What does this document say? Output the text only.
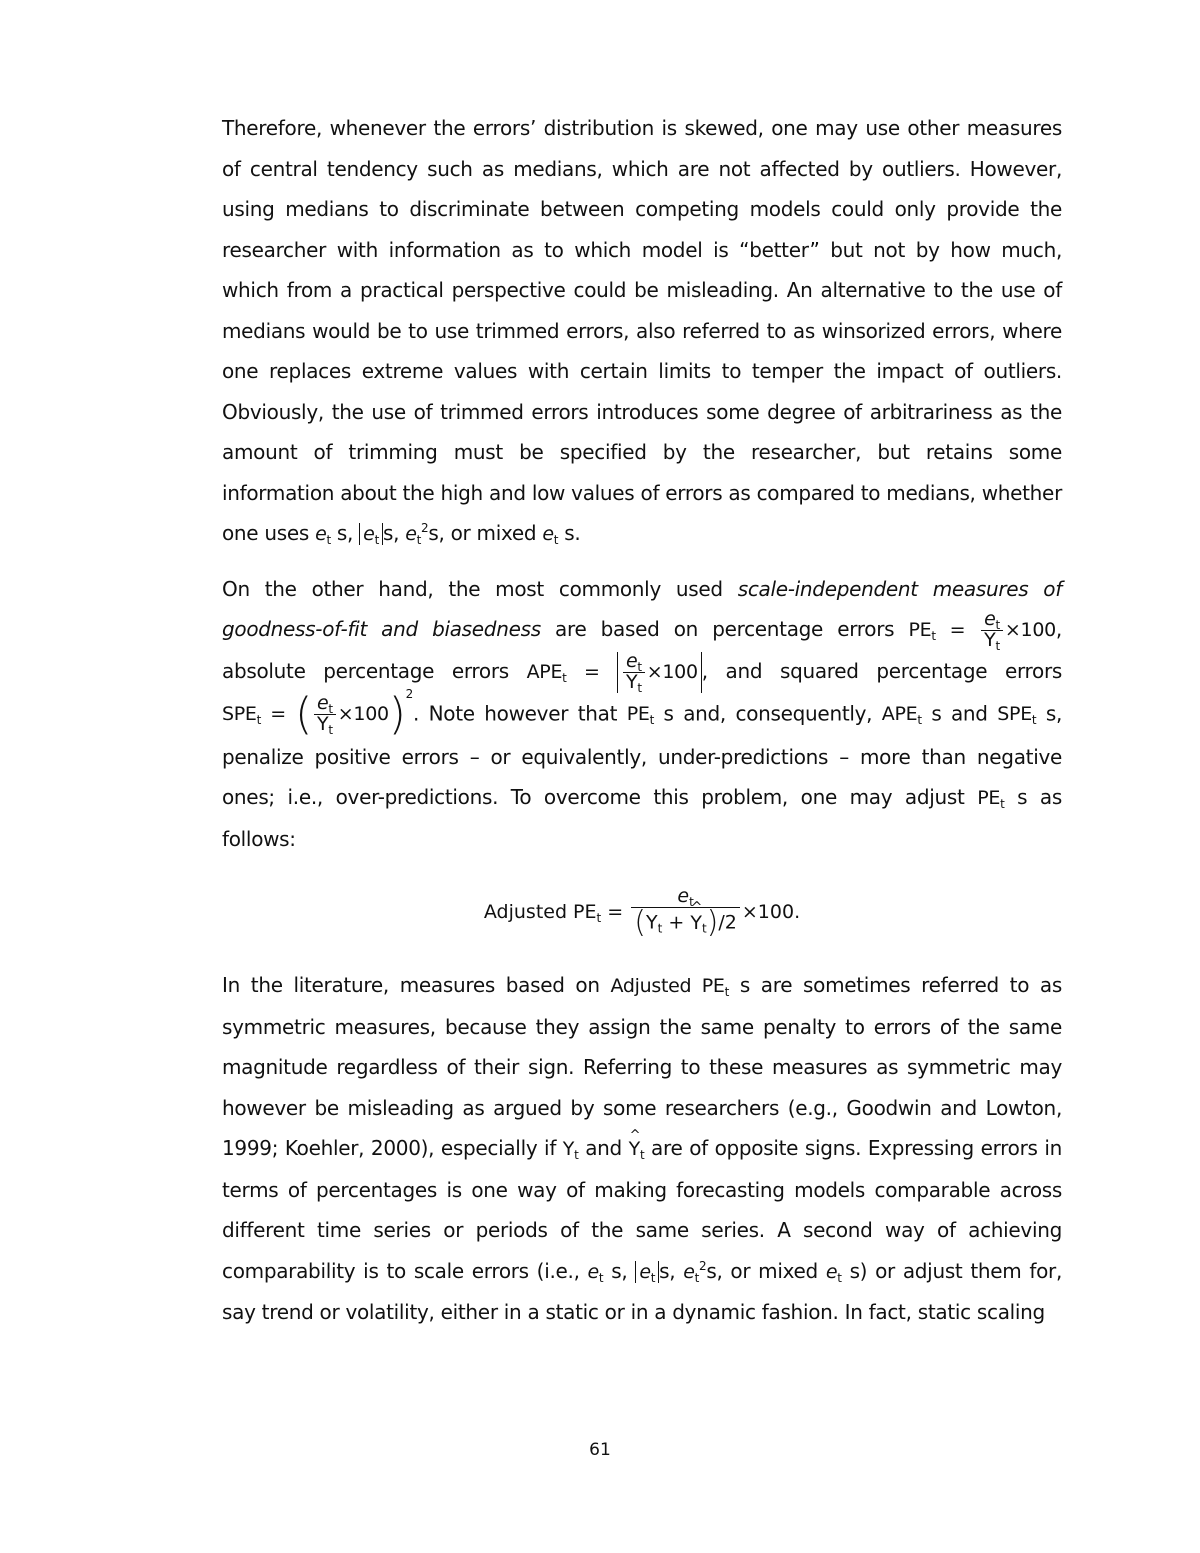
Therefore, whenever the errors’ distribution is skewed, one may use other measures of central tendency such as medians, which are not affected by outliers. However, using medians to discriminate between competing models could only provide the researcher with information as to which model is “better” but not by how much, which from a practical perspective could be misleading. An alternative to the use of medians would be to use trimmed errors, also referred to as winsorized errors, where one replaces extreme values with certain limits to temper the impact of outliers. Obviously, the use of trimmed errors introduces some degree of arbitrariness as the amount of trimming must be specified by the researcher, but retains some information about the high and low values of errors as compared to medians, whether one uses $e_t$ s, $e_t$ s, $e_t^2s$, or mixed $e_t$ s.

On the other hand, the most commonly used scale-independent measures of goodness-of-fit and biasedness are based on percentage errors $PE_t = \frac{e_t}{Y_t} \times 100$, absolute percentage errors $APE_t = \frac{e_t}{Y_t} \times 100$ , and squared percentage errors $SPE_t$ = ( $\frac{e_t}{Y_t} \times 100)^2$. Note however that $PE_t$ s and, consequently, $APE_t$ s and $SPE_t$ s, penalize positive errors – or equivalently, under-predictions – more than negative ones; i.e., over-predictions. To overcome this problem, one may adjust $PE_t$ s as follows:

Adjusted $PE_t = \frac{e_t}{(Y_t + \^{} Y_t)/2} \times 100$.

In the literature, measures based on Adjusted $PE_t$ s are sometimes referred to as symmetric measures, because they assign the same penalty to errors of the same magnitude regardless of their sign. Referring to these measures as symmetric may however be misleading as argued by some researchers (e.g., Goodwin and Lowton, 1999; Koehler, 2000), especially if $Y_t$ and ^ $Y_t$ are of opposite signs. Expressing errors in terms of percentages is one way of making forecasting models comparable across different time series or periods of the same series. A second way of achieving comparability is to scale errors (i.e., $e_t$ s, $e_t$ s, $e_t^2s$, or mixed $e_t$ s) or adjust them for, say trend or volatility, either in a static or in a dynamic fashion. In fact, static scaling

61
